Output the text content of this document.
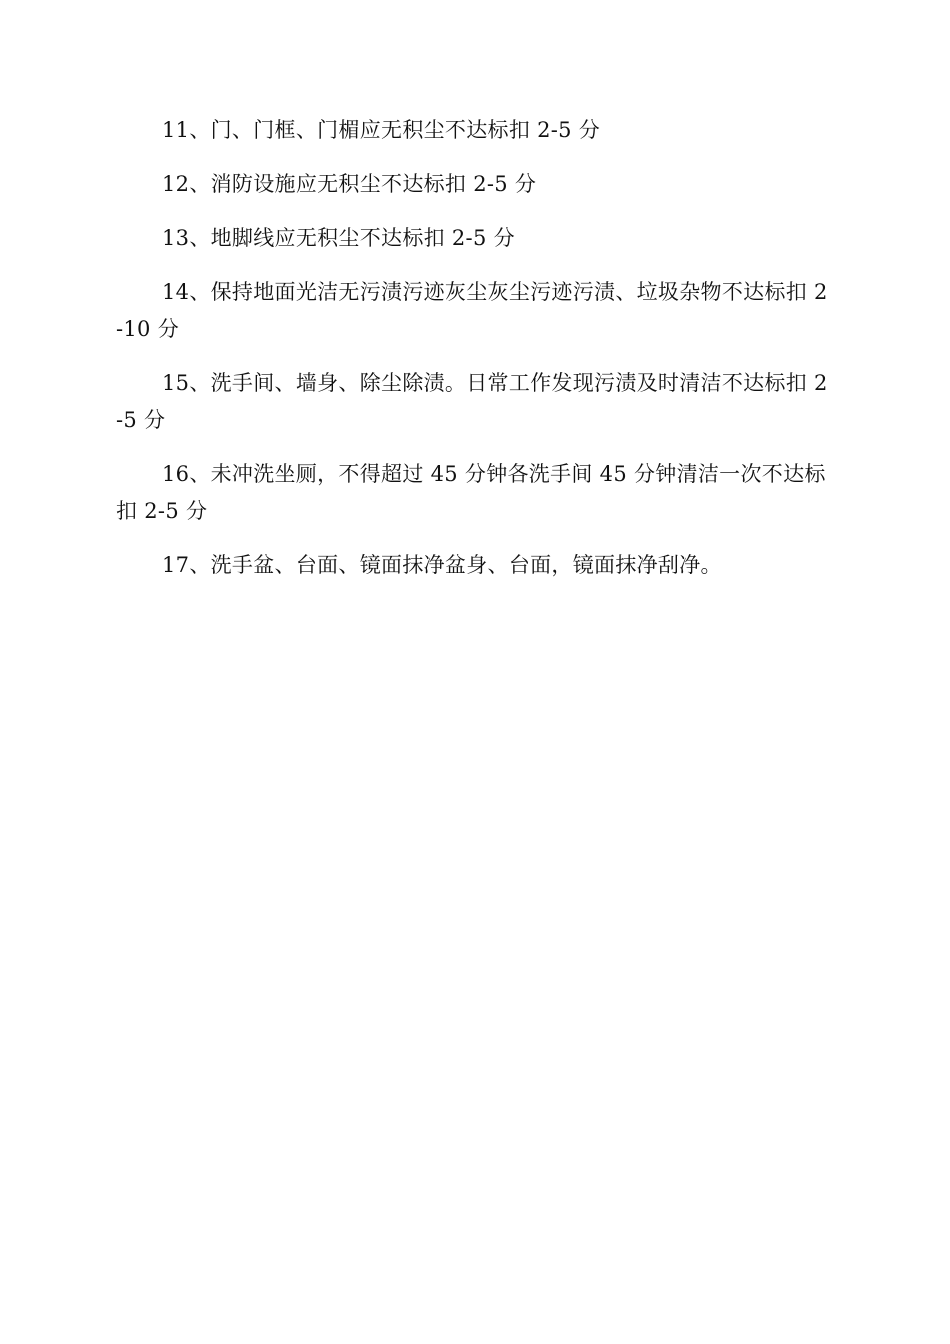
11、门、门框、门楣应无积尘不达标扣 2-5 分

12、消防设施应无积尘不达标扣 2-5 分

13、地脚线应无积尘不达标扣 2-5 分

14、保持地面光洁无污渍污迹灰尘灰尘污迹污渍、垃圾杂物不达标扣 2-10 分

15、洗手间、墙身、除尘除渍。日常工作发现污渍及时清洁不达标扣 2-5 分

16、未冲洗坐厕，不得超过 45 分钟各洗手间 45 分钟清洁一次不达标扣 2-5 分

17、洗手盆、台面、镜面抹净盆身、台面，镜面抹净刮净。
